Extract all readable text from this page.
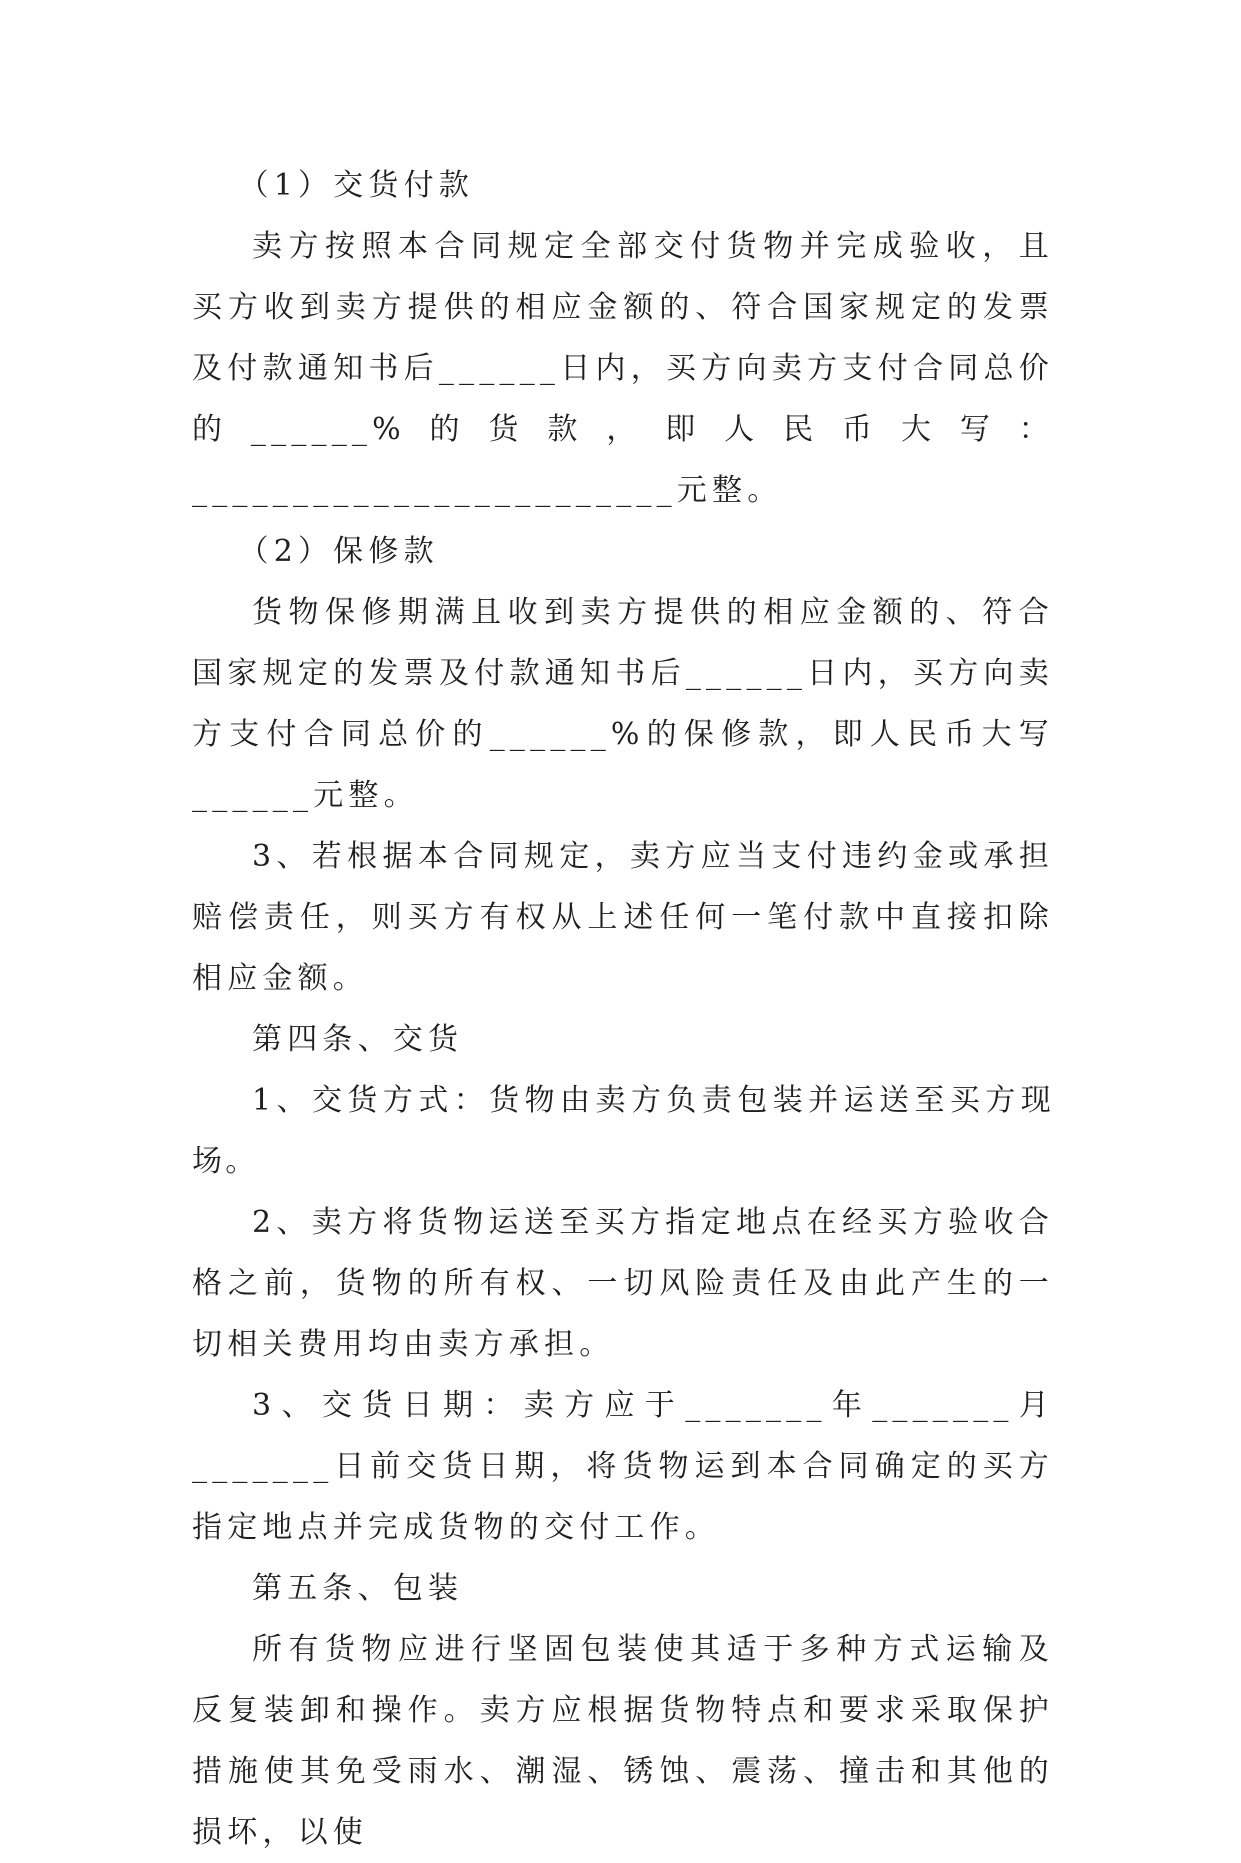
（1）交货付款

卖方按照本合同规定全部交付货物并完成验收，且买方收到卖方提供的相应金额的、符合国家规定的发票及付款通知书后______日内，买方向卖方支付合同总价的______%的货款，即人民币大写：________________________元整。

（2）保修款

货物保修期满且收到卖方提供的相应金额的、符合国家规定的发票及付款通知书后______日内，买方向卖方支付合同总价的______%的保修款，即人民币大写______元整。

3、若根据本合同规定，卖方应当支付违约金或承担赔偿责任，则买方有权从上述任何一笔付款中直接扣除相应金额。

第四条、交货

1、交货方式：货物由卖方负责包装并运送至买方现场。

2、卖方将货物运送至买方指定地点在经买方验收合格之前，货物的所有权、一切风险责任及由此产生的一切相关费用均由卖方承担。

3、交货日期：卖方应于_______年_______月_______日前交货日期，将货物运到本合同确定的买方指定地点并完成货物的交付工作。

第五条、包装

所有货物应进行坚固包装使其适于多种方式运输及反复装卸和操作。卖方应根据货物特点和要求采取保护措施使其免受雨水、潮湿、锈蚀、震荡、撞击和其他的损坏，以使
